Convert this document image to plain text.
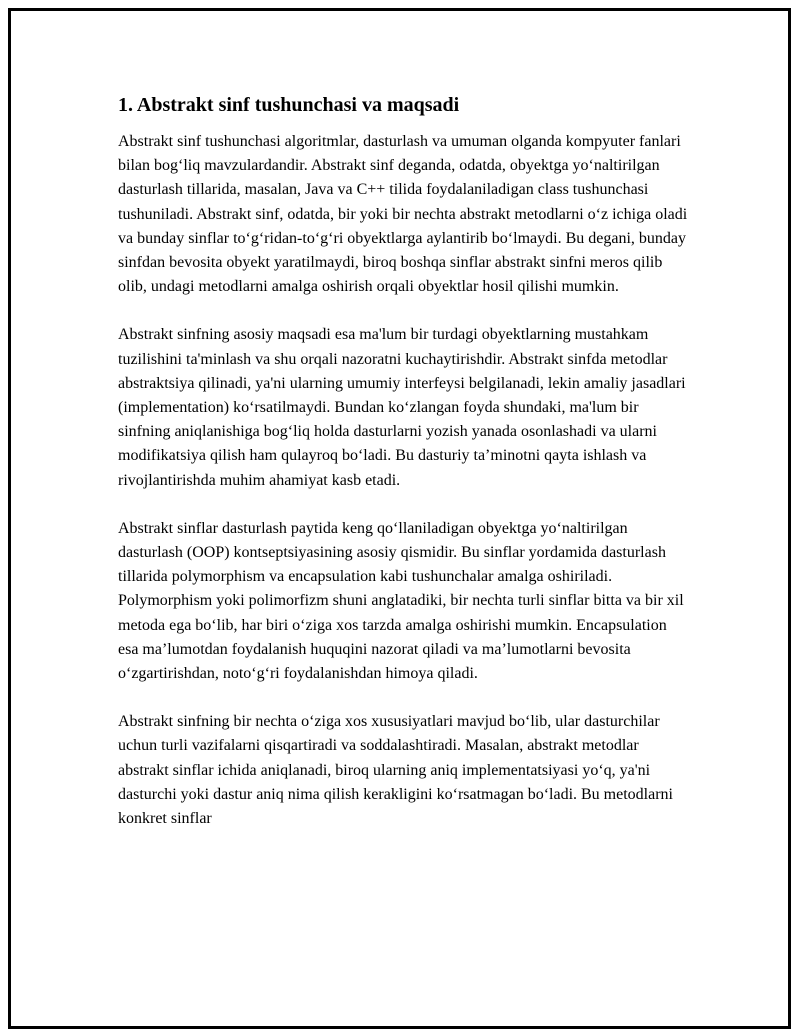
1. Abstrakt sinf tushunchasi va maqsadi

Abstrakt sinf tushunchasi algoritmlar, dasturlash va umuman olganda kompyuter fanlari bilan bog‘liq mavzulardandir. Abstrakt sinf deganda, odatda, obyektga yo‘naltirilgan dasturlash tillarida, masalan, Java va C++ tilida foydalaniladigan class tushunchasi tushuniladi. Abstrakt sinf, odatda, bir yoki bir nechta abstrakt metodlarni o‘z ichiga oladi va bunday sinflar to‘g‘ridan-to‘g‘ri obyektlarga aylantirib bo‘lmaydi. Bu degani, bunday sinfdan bevosita obyekt yaratilmaydi, biroq boshqa sinflar abstrakt sinfni meros qilib olib, undagi metodlarni amalga oshirish orqali obyektlar hosil qilishi mumkin.

Abstrakt sinfning asosiy maqsadi esa ma'lum bir turdagi obyektlarning mustahkam tuzilishini ta'minlash va shu orqali nazoratni kuchaytirishdir. Abstrakt sinfda metodlar abstraktsiya qilinadi, ya'ni ularning umumiy interfeysi belgilanadi, lekin amaliy jasadlari (implementation) ko‘rsatilmaydi. Bundan ko‘zlangan foyda shundaki, ma'lum bir sinfning aniqlanishiga bog‘liq holda dasturlarni yozish yanada osonlashadi va ularni modifikatsiya qilish ham qulayroq bo‘ladi. Bu dasturiy ta’minotni qayta ishlash va rivojlantirishda muhim ahamiyat kasb etadi.

Abstrakt sinflar dasturlash paytida keng qo‘llaniladigan obyektga yo‘naltirilgan dasturlash (OOP) kontseptsiyasining asosiy qismidir. Bu sinflar yordamida dasturlash tillarida polymorphism va encapsulation kabi tushunchalar amalga oshiriladi. Polymorphism yoki polimorfizm shuni anglatadiki, bir nechta turli sinflar bitta va bir xil metoda ega bo‘lib, har biri o‘ziga xos tarzda amalga oshirishi mumkin. Encapsulation esa ma’lumotdan foydalanish huquqini nazorat qiladi va ma’lumotlarni bevosita o‘zgartirishdan, noto‘g‘ri foydalanishdan himoya qiladi.

Abstrakt sinfning bir nechta o‘ziga xos xususiyatlari mavjud bo‘lib, ular dasturchilar uchun turli vazifalarni qisqartiradi va soddalashtiradi. Masalan, abstrakt metodlar abstrakt sinflar ichida aniqlanadi, biroq ularning aniq implementatsiyasi yo‘q, ya'ni dasturchi yoki dastur aniq nima qilish kerakligini ko‘rsatmagan bo‘ladi. Bu metodlarni konkret sinflar
